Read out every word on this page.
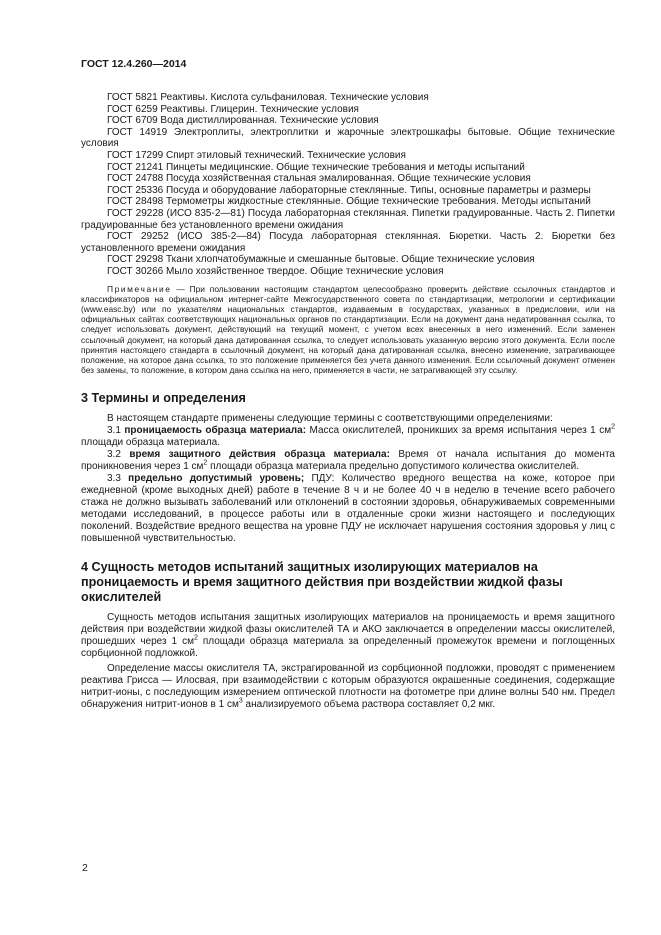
ГОСТ 12.4.260—2014

ГОСТ 5821 Реактивы. Кислота сульфаниловая. Технические условия

ГОСТ 6259 Реактивы. Глицерин. Технические условия

ГОСТ 6709 Вода дистиллированная. Технические условия

ГОСТ 14919 Электроплиты, электроплитки и жарочные электрошкафы бытовые. Общие технические условия

ГОСТ 17299 Спирт этиловый технический. Технические условия

ГОСТ 21241 Пинцеты медицинские. Общие технические требования и методы испытаний

ГОСТ 24788 Посуда хозяйственная стальная эмалированная. Общие технические условия

ГОСТ 25336 Посуда и оборудование лабораторные стеклянные. Типы, основные параметры и размеры

ГОСТ 28498 Термометры жидкостные стеклянные. Общие технические требования. Методы испытаний

ГОСТ 29228 (ИСО 835-2—81) Посуда лабораторная стеклянная. Пипетки градуированные. Часть 2. Пипетки градуированные без установленного времени ожидания

ГОСТ 29252 (ИСО 385-2—84) Посуда лабораторная стеклянная. Бюретки. Часть 2. Бюретки без установленного времени ожидания

ГОСТ 29298 Ткани хлопчатобумажные и смешанные бытовые. Общие технические условия

ГОСТ 30266 Мыло хозяйственное твердое. Общие технические условия

Примечание — При пользовании настоящим стандартом целесообразно проверить действие ссылочных стандартов и классификаторов на официальном интернет-сайте Межгосударственного совета по стандартизации, метрологии и сертификации (www.easc.by) или по указателям национальных стандартов, издаваемым в государствах, указанных в предисловии, или на официальных сайтах соответствующих национальных органов по стандартизации. Если на документ дана недатированная ссылка, то следует использовать документ, действующий на текущий момент, с учетом всех внесенных в него изменений. Если заменен ссылочный документ, на который дана датированная ссылка, то следует использовать указанную версию этого документа. Если после принятия настоящего стандарта в ссылочный документ, на который дана датированная ссылка, внесено изменение, затрагивающее положение, на которое дана ссылка, то это положение применяется без учета данного изменения. Если ссылочный документ отменен без замены, то положение, в котором дана ссылка на него, применяется в части, не затрагивающей эту ссылку.

3 Термины и определения

В настоящем стандарте применены следующие термины с соответствующими определениями:

3.1 проницаемость образца материала: Масса окислителей, проникших за время испытания через 1 $см^2$ площади образца материала.

3.2 время защитного действия образца материала: Время от начала испытания до момента проникновения через 1 $см^2$ площади образца материала предельно допустимого количества окислителей.

3.3 предельно допустимый уровень; ПДУ: Количество вредного вещества на коже, которое при ежедневной (кроме выходных дней) работе в течение 8 ч и не более 40 ч в неделю в течение всего рабочего стажа не должно вызывать заболеваний или отклонений в состоянии здоровья, обнаруживаемых современными методами исследований, в процессе работы или в отдаленные сроки жизни настоящего и последующих поколений. Воздействие вредного вещества на уровне ПДУ не исключает нарушения состояния здоровья у лиц с повышенной чувствительностью.

4 Сущность методов испытаний защитных изолирующих материалов на проницаемость и время защитного действия при воздействии жидкой фазы окислителей

Сущность методов испытания защитных изолирующих материалов на проницаемость и время защитного действия при воздействии жидкой фазы окислителей ТА и АКО заключается в определении массы окислителей, прошедших через 1 $см^2$ площади образца материала за определенный промежуток времени и поглощенных сорбционной подложкой.

Определение массы окислителя ТА, экстрагированной из сорбционной подложки, проводят с применением реактива Грисса — Илосвая, при взаимодействии с которым образуются окрашенные соединения, содержащие нитрит-ионы, с последующим измерением оптической плотности на фотометре при длине волны 540 нм. Предел обнаружения нитрит-ионов в 1 $см^3$ анализируемого объема раствора составляет 0,2 мкг.

2
